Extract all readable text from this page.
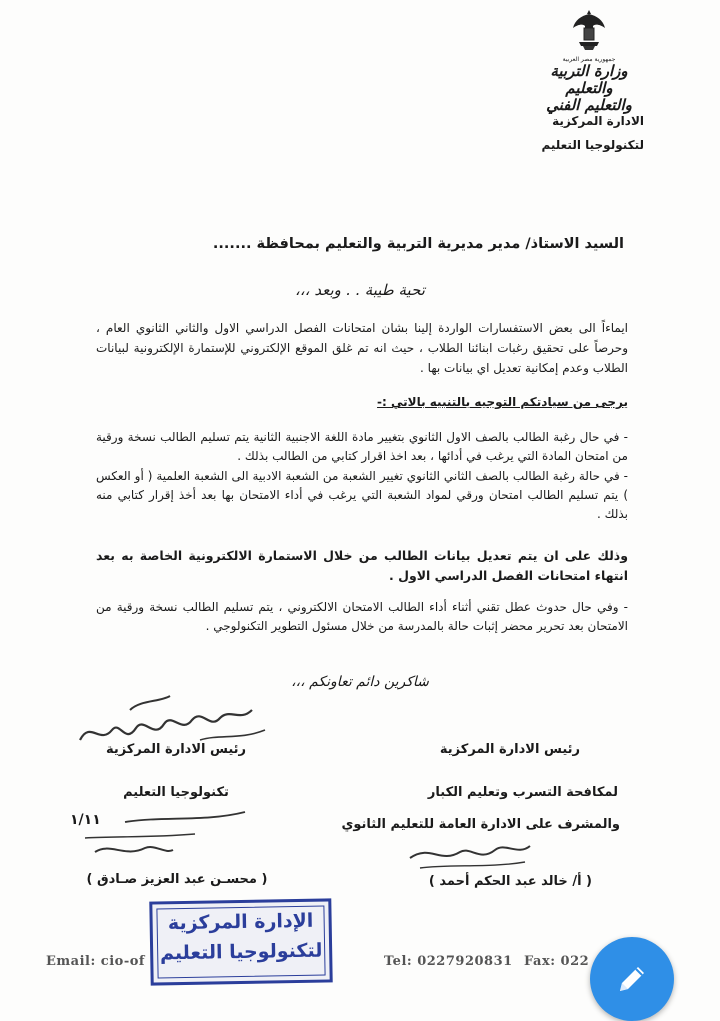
جمهورية مصر العربية
وزارة التربية والتعليم
والتعليم الفني
الادارة المركزية
لتكنولوجيا التعليم
السيد الاستاذ/ مدير مديرية التربية والتعليم بمحافظة .......
تحية طيبة . . وبعد ،،،
ايماءاً الى بعض الاستفسارات الواردة إلينا بشان امتحانات الفصل الدراسي الاول والثاني الثانوي العام ، وحرصاً على تحقيق رغبات ابنائنا الطلاب ، حيث انه تم غلق الموقع الإلكتروني للإستمارة الإلكترونية لبيانات الطلاب وعدم إمكانية تعديل اي بيانات بها .
يرجى من سيادتكم التوجيه بالتنبيه بالاتي :-
- في حال رغبة الطالب بالصف الاول الثانوي بتغيير مادة اللغة الاجنبية الثانية يتم تسليم الطالب نسخة ورقية من امتحان المادة التي يرغب في أدائها ، بعد اخذ اقرار كتابي من الطالب بذلك .
- في حالة رغبة الطالب بالصف الثاني الثانوي تغيير الشعبة من الشعبة الادبية الى الشعبة العلمية ( أو العكس ) يتم تسليم الطالب امتحان ورقي لمواد الشعبة التي يرغب في أداء الامتحان بها بعد أخذ إقرار كتابي منه بذلك .
وذلك على ان يتم تعديل بيانات الطالب من خلال الاستمارة الالكترونية الخاصة به بعد انتهاء امتحانات الفصل الدراسي الاول .
- وفي حال حدوث عطل تقني أثناء أداء الطالب الامتحان الالكتروني ، يتم تسليم الطالب نسخة ورقية من الامتحان بعد تحرير محضر إثبات حالة بالمدرسة من خلال مسئول التطوير التكنولوجي .
شاكرين دائم تعاونكم ،،،
رئيس الادارة المركزية
تكنولوجيا التعليم
١/١١
( محسـن عبد العزيز صـادق )
رئيس الادارة المركزية
لمكافحة التسرب وتعليم الكبار
والمشرف على الادارة العامة للتعليم الثانوي
( أ/ خالد عبد الحكم أحمد )
الإدارة المركزية
لتكنولوجيا التعليم
Email: cio-of	Tel: 0227920831 Fax: 022
